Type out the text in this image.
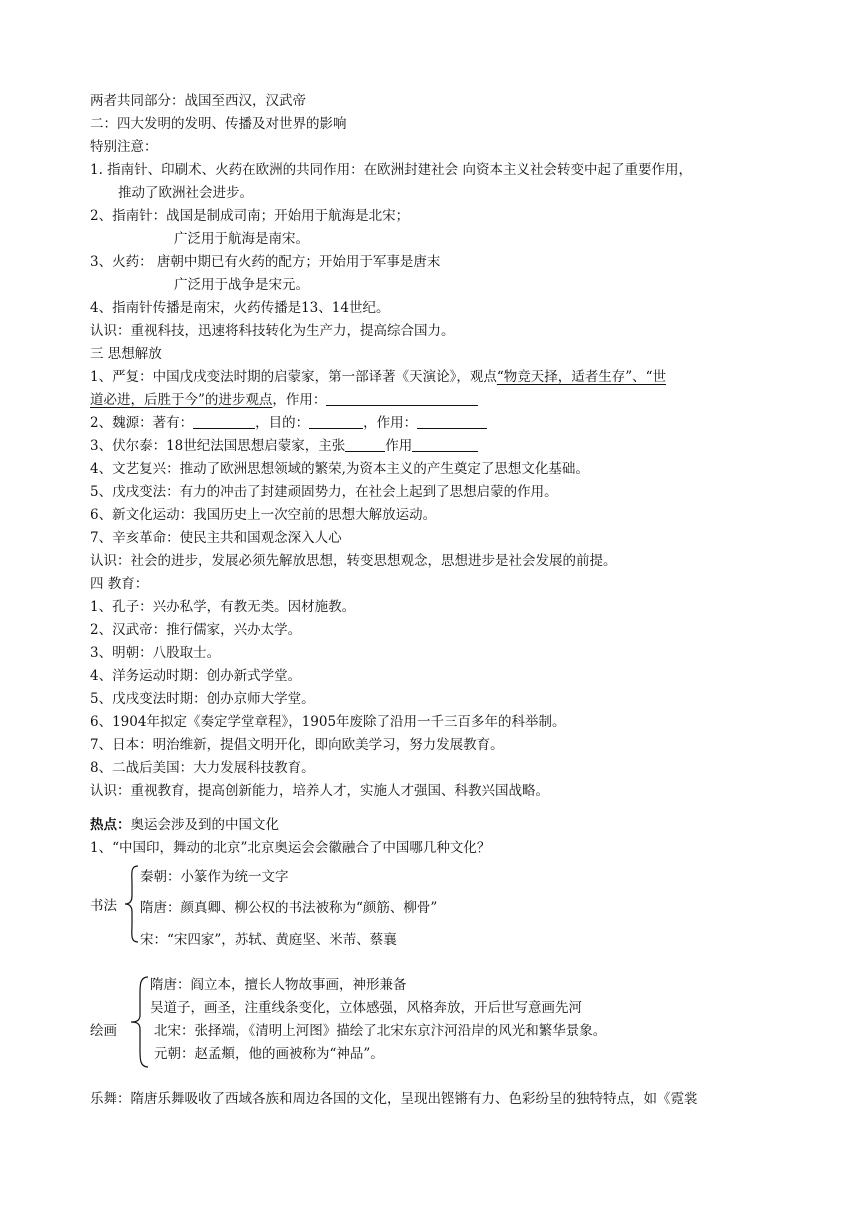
两者共同部分：战国至西汉，汉武帝
二：四大发明的发明、传播及对世界的影响
特别注意：
1. 指南针、印刷术、火药在欧洲的共同作用：在欧洲封建社会 向资本主义社会转变中起了重要作用，
推动了欧洲社会进步。
2、指南针：战国是制成司南；开始用于航海是北宋；
广泛用于航海是南宋。
3、火药： 唐朝中期已有火药的配方；开始用于军事是唐末
广泛用于战争是宋元。
4、指南针传播是南宋，火药传播是13、14世纪。
认识：重视科技，迅速将科技转化为生产力，提高综合国力。
三 思想解放
1、严复：中国戊戌变法时期的启蒙家，第一部译著《天演论》，观点“物竞天择，适者生存”、“世
道必进，后胜于今”的进步观点，作用：
2、魏源：著有：	，目的：	，作用：
3、伏尔泰：18世纪法国思想启蒙家，主张	作用
4、文艺复兴：推动了欧洲思想领域的繁荣,为资本主义的产生奠定了思想文化基础。
5、戊戌变法：有力的冲击了封建顽固势力，在社会上起到了思想启蒙的作用。
6、新文化运动：我国历史上一次空前的思想大解放运动。
7、辛亥革命：使民主共和国观念深入人心
认识：社会的进步，发展必须先解放思想，转变思想观念，思想进步是社会发展的前提。
四 教育：
1、孔子：兴办私学，有教无类。因材施教。
2、汉武帝：推行儒家，兴办太学。
3、明朝：八股取士。
4、洋务运动时期：创办新式学堂。
5、戊戌变法时期：创办京师大学堂。
6、1904年拟定《奏定学堂章程》，1905年废除了沿用一千三百多年的科举制。
7、日本：明治维新，提倡文明开化，即向欧美学习，努力发展教育。
8、二战后美国：大力发展科技教育。
认识：重视教育，提高创新能力，培养人才，实施人才强国、科教兴国战略。
热点：奥运会涉及到的中国文化
1、“中国印，舞动的北京”北京奥运会会徽融合了中国哪几种文化？
书法
秦朝：小篆作为统一文字
隋唐：颜真卿、柳公权的书法被称为“颜筋、柳骨”
宋：“宋四家”，苏轼、黄庭坚、米芾、蔡襄
绘画
隋唐：阎立本，擅长人物故事画，神形兼备
吴道子，画圣，注重线条变化，立体感强，风格奔放，开后世写意画先河
北宋：张择端，《清明上河图》描绘了北宋东京汴河沿岸的风光和繁华景象。
元朝：赵孟頫，他的画被称为“神品”。
乐舞：隋唐乐舞吸收了西域各族和周边各国的文化，呈现出铿锵有力、色彩纷呈的独特特点，如《霓裳
